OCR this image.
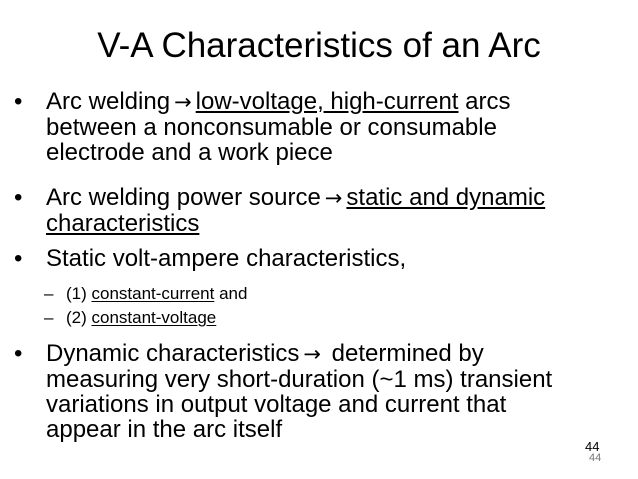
V-A Characteristics of an Arc
• Arc welding → low-voltage, high-current arcs
between a nonconsumable or consumable
electrode and a work piece
• Arc welding power source → static and dynamic
characteristics
• Static volt-ampere characteristics,
– (1) constant-current and
– (2) constant-voltage
• Dynamic characteristics → determined by
measuring very short-duration (~1 ms) transient
variations in output voltage and current that
appear in the arc itself
44
44
